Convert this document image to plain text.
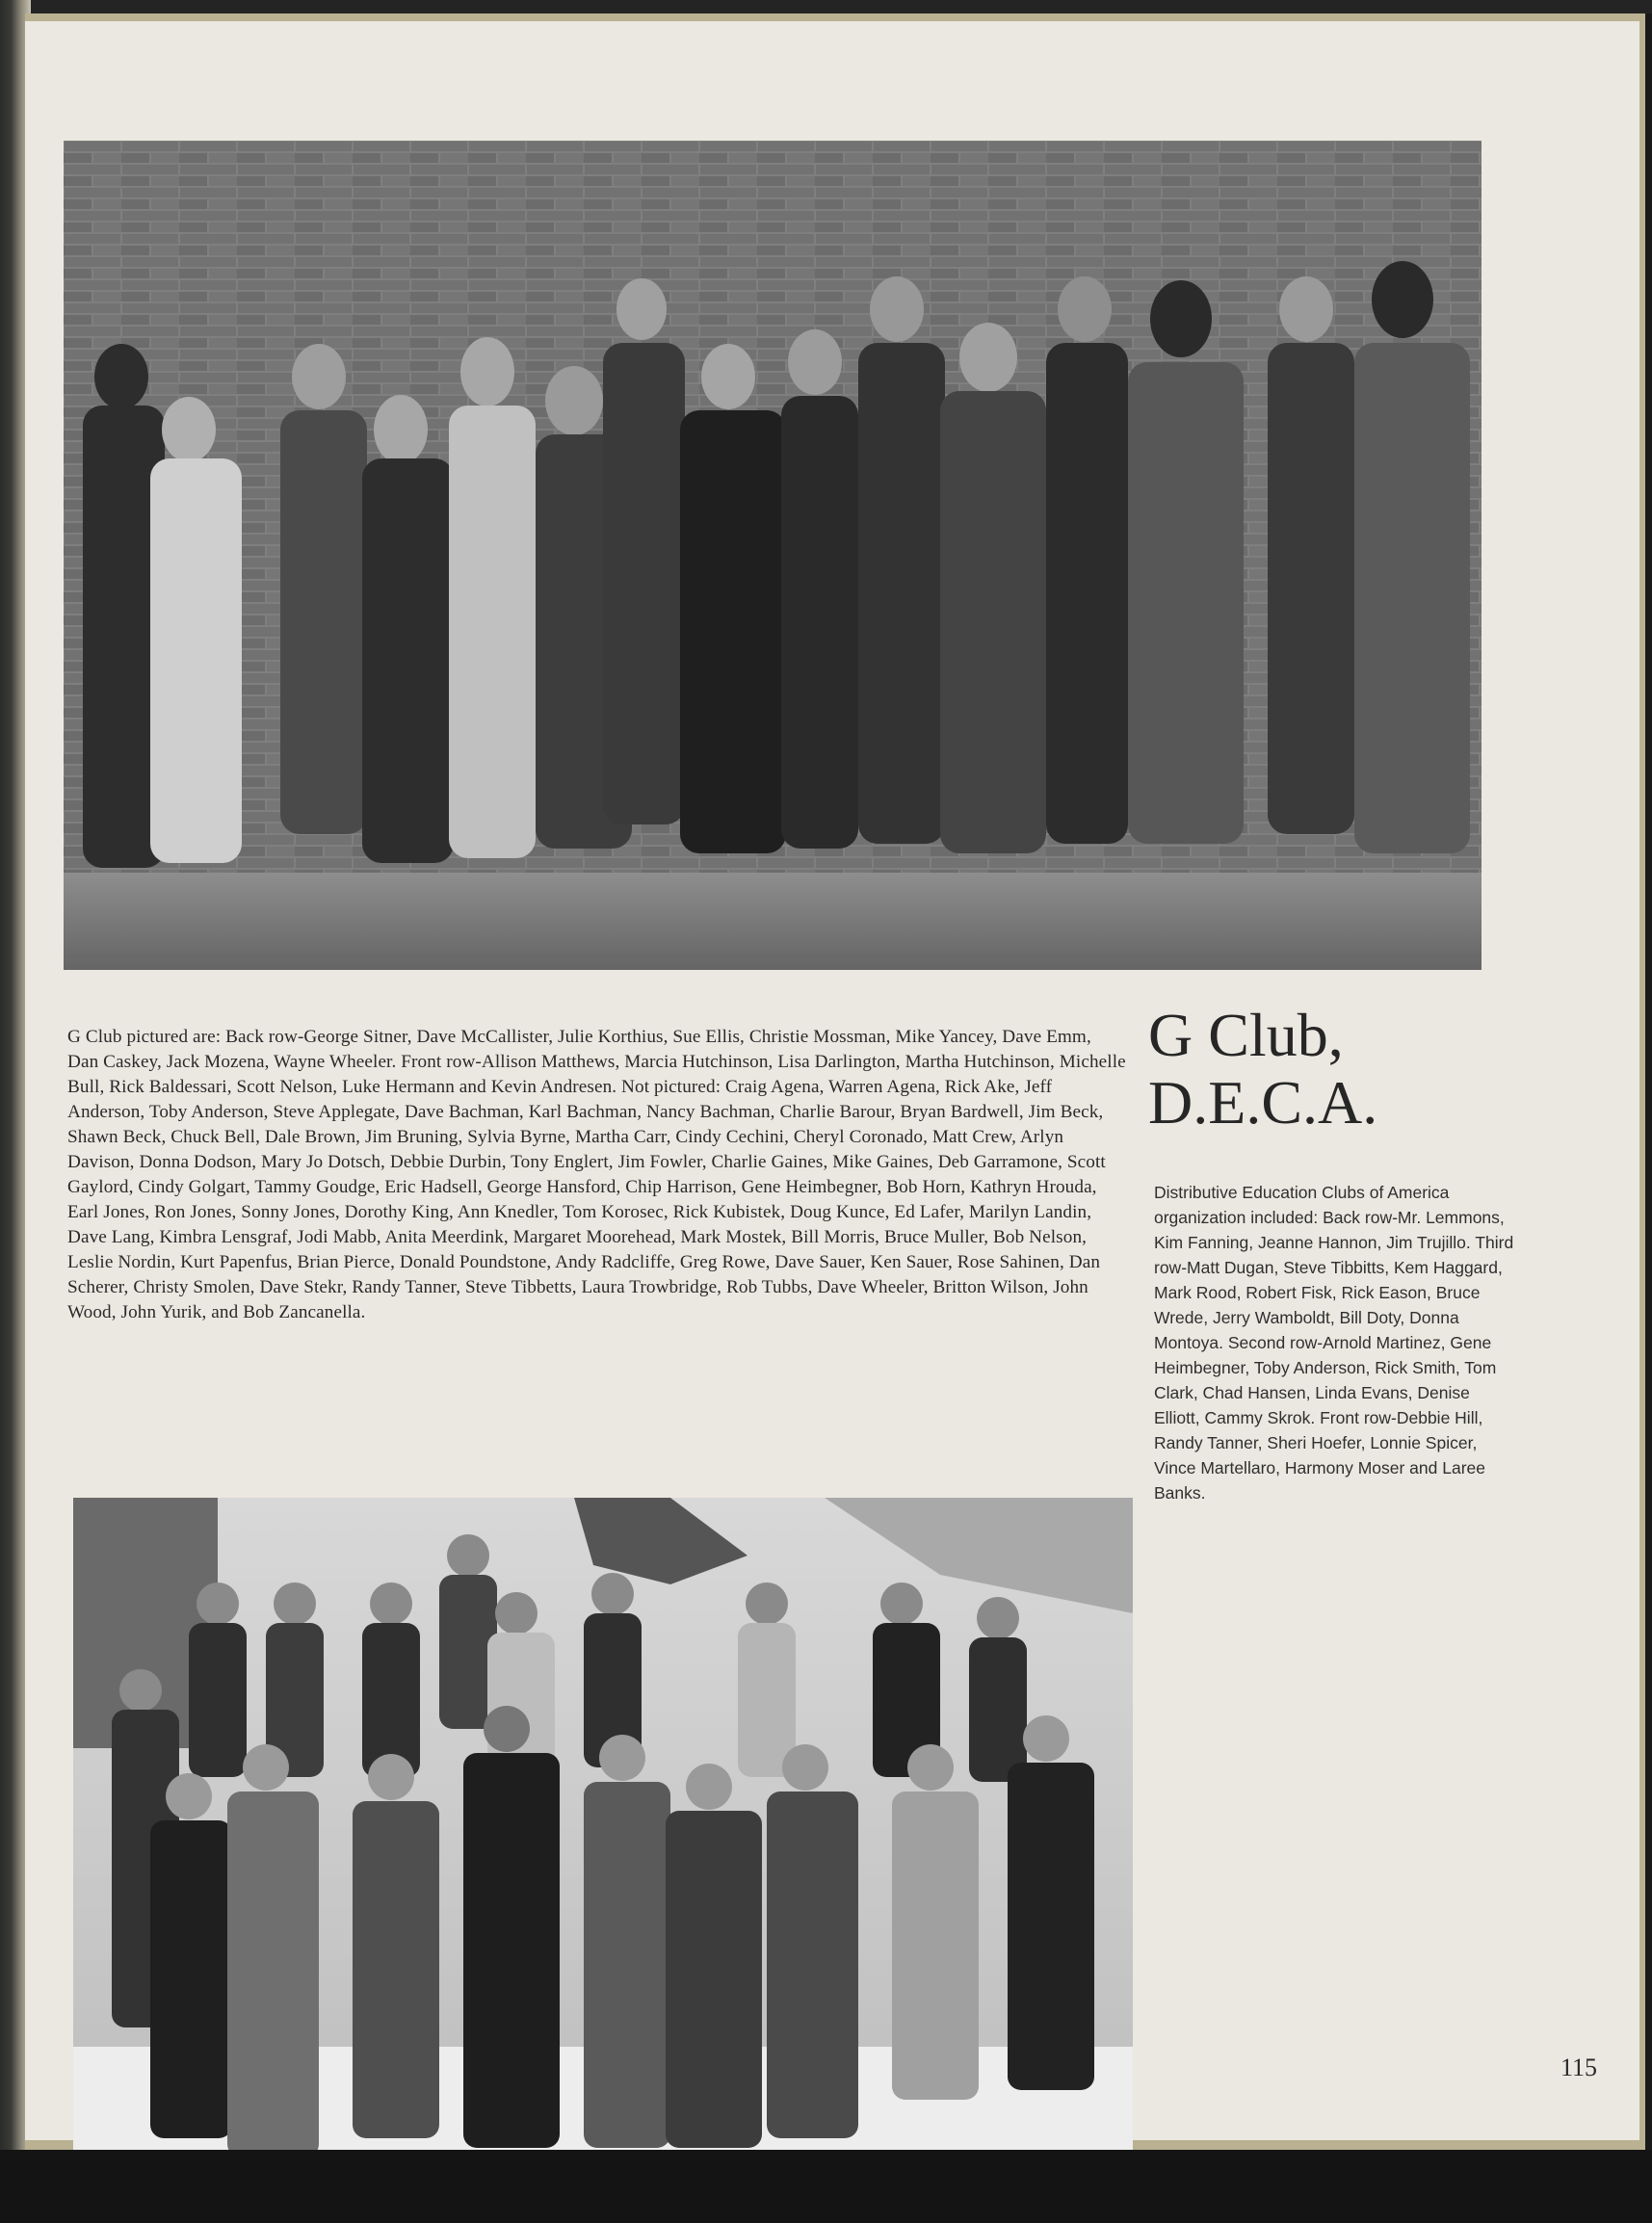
G Club pictured are: Back row-George Sitner, Dave McCallister, Julie Korthius, Sue Ellis, Christie Mossman, Mike Yancey, Dave Emm, Dan Caskey, Jack Mozena, Wayne Wheeler. Front row-Allison Matthews, Marcia Hutchinson, Lisa Darlington, Martha Hutchinson, Michelle Bull, Rick Baldessari, Scott Nelson, Luke Hermann and Kevin Andresen. Not pictured: Craig Agena, Warren Agena, Rick Ake, Jeff Anderson, Toby Anderson, Steve Applegate, Dave Bachman, Karl Bachman, Nancy Bachman, Charlie Barour, Bryan Bardwell, Jim Beck, Shawn Beck, Chuck Bell, Dale Brown, Jim Bruning, Sylvia Byrne, Martha Carr, Cindy Cechini, Cheryl Coronado, Matt Crew, Arlyn Davison, Donna Dodson, Mary Jo Dotsch, Debbie Durbin, Tony Englert, Jim Fowler, Charlie Gaines, Mike Gaines, Deb Garramone, Scott Gaylord, Cindy Golgart, Tammy Goudge, Eric Hadsell, George Hansford, Chip Harrison, Gene Heimbegner, Bob Horn, Kathryn Hrouda, Earl Jones, Ron Jones, Sonny Jones, Dorothy King, Ann Knedler, Tom Korosec, Rick Kubistek, Doug Kunce, Ed Lafer, Marilyn Landin, Dave Lang, Kimbra Lensgraf, Jodi Mabb, Anita Meerdink, Margaret Moorehead, Mark Mostek, Bill Morris, Bruce Muller, Bob Nelson, Leslie Nordin, Kurt Papenfus, Brian Pierce, Donald Poundstone, Andy Radcliffe, Greg Rowe, Dave Sauer, Ken Sauer, Rose Sahinen, Dan Scherer, Christy Smolen, Dave Stekr, Randy Tanner, Steve Tibbetts, Laura Trowbridge, Rob Tubbs, Dave Wheeler, Britton Wilson, John Wood, John Yurik, and Bob Zancanella.

G Club,
D.E.C.A.

Distributive Education Clubs of America organization included: Back row-Mr. Lemmons, Kim Fanning, Jeanne Hannon, Jim Trujillo. Third row-Matt Dugan, Steve Tibbitts, Kem Haggard, Mark Rood, Robert Fisk, Rick Eason, Bruce Wrede, Jerry Wamboldt, Bill Doty, Donna Montoya. Second row-Arnold Martinez, Gene Heimbegner, Toby Anderson, Rick Smith, Tom Clark, Chad Hansen, Linda Evans, Denise Elliott, Cammy Skrok. Front row-Debbie Hill, Randy Tanner, Sheri Hoefer, Lonnie Spicer, Vince Martellaro, Harmony Moser and Laree Banks.

115
